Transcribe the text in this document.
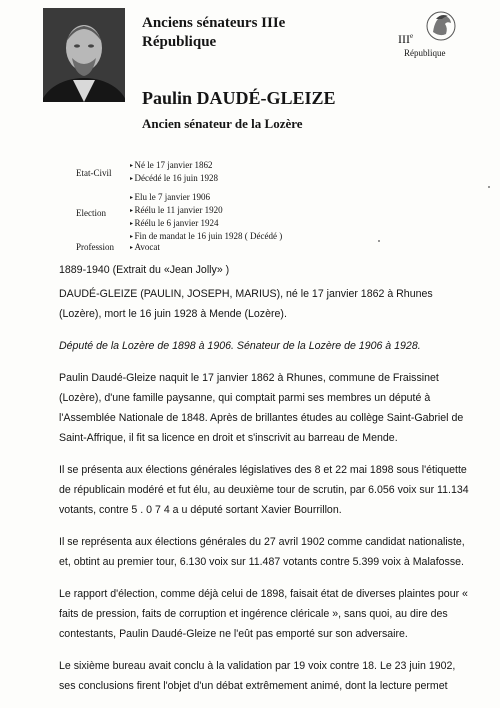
Anciens sénateurs IIIe

République

Paulin DAUDÉ-GLEIZE
Ancien sénateur de la Lozère
IIIe
République
Etat-Civil
▸ Né le 17 janvier 1862
▸ Décédé le 16 juin 1928
Election
▸ Elu le 7 janvier 1906
▸ Réélu le 11 janvier 1920
▸ Réélu le 6 janvier 1924
▸ Fin de mandat le 16 juin 1928 ( Décédé )
Profession
▸	Avocat

1889-1940 (Extrait du «Jean Jolly» )

DAUDÉ-GLEIZE (PAULIN, JOSEPH, MARIUS), né le 17 janvier 1862 à Rhunes (Lozère), mort le 16 juin 1928 à Mende (Lozère).

Député de la Lozère de 1898 à 1906. Sénateur de la Lozère de 1906 à 1928.

Paulin Daudé-Gleize naquit le 17 janvier 1862 à Rhunes, commune de Fraissinet (Lozère), d'une famille paysanne, qui comptait parmi ses membres un député à l'Assemblée Nationale de 1848. Après de brillantes études au collège Saint-Gabriel de Saint-Affrique, il fit sa licence en droit et s'inscrivit au barreau de Mende.

Il se présenta aux élections générales législatives des 8 et 22 mai 1898 sous l'étiquette de républicain modéré et fut élu, au deuxième tour de scrutin, par 6.056 voix sur 11.134 votants, contre 5 . 0 7 4 a u député sortant Xavier Bourrillon.

Il se représenta aux élections générales du 27 avril 1902 comme candidat nationaliste, et, obtint au premier tour, 6.130 voix sur 11.487 votants contre 5.399 voix à Malafosse.

Le rapport d'élection, comme déjà celui de 1898, faisait état de diverses plaintes pour « faits de pression, faits de corruption et ingérence cléricale », sans quoi, au dire des contestants, Paulin Daudé-Gleize ne l'eût pas emporté sur son adversaire.

Le sixième bureau avait conclu à la validation par 19 voix contre 18. Le 23 juin 1902, ses conclusions firent l'objet d'un débat extrêmement animé, dont la lecture permet
